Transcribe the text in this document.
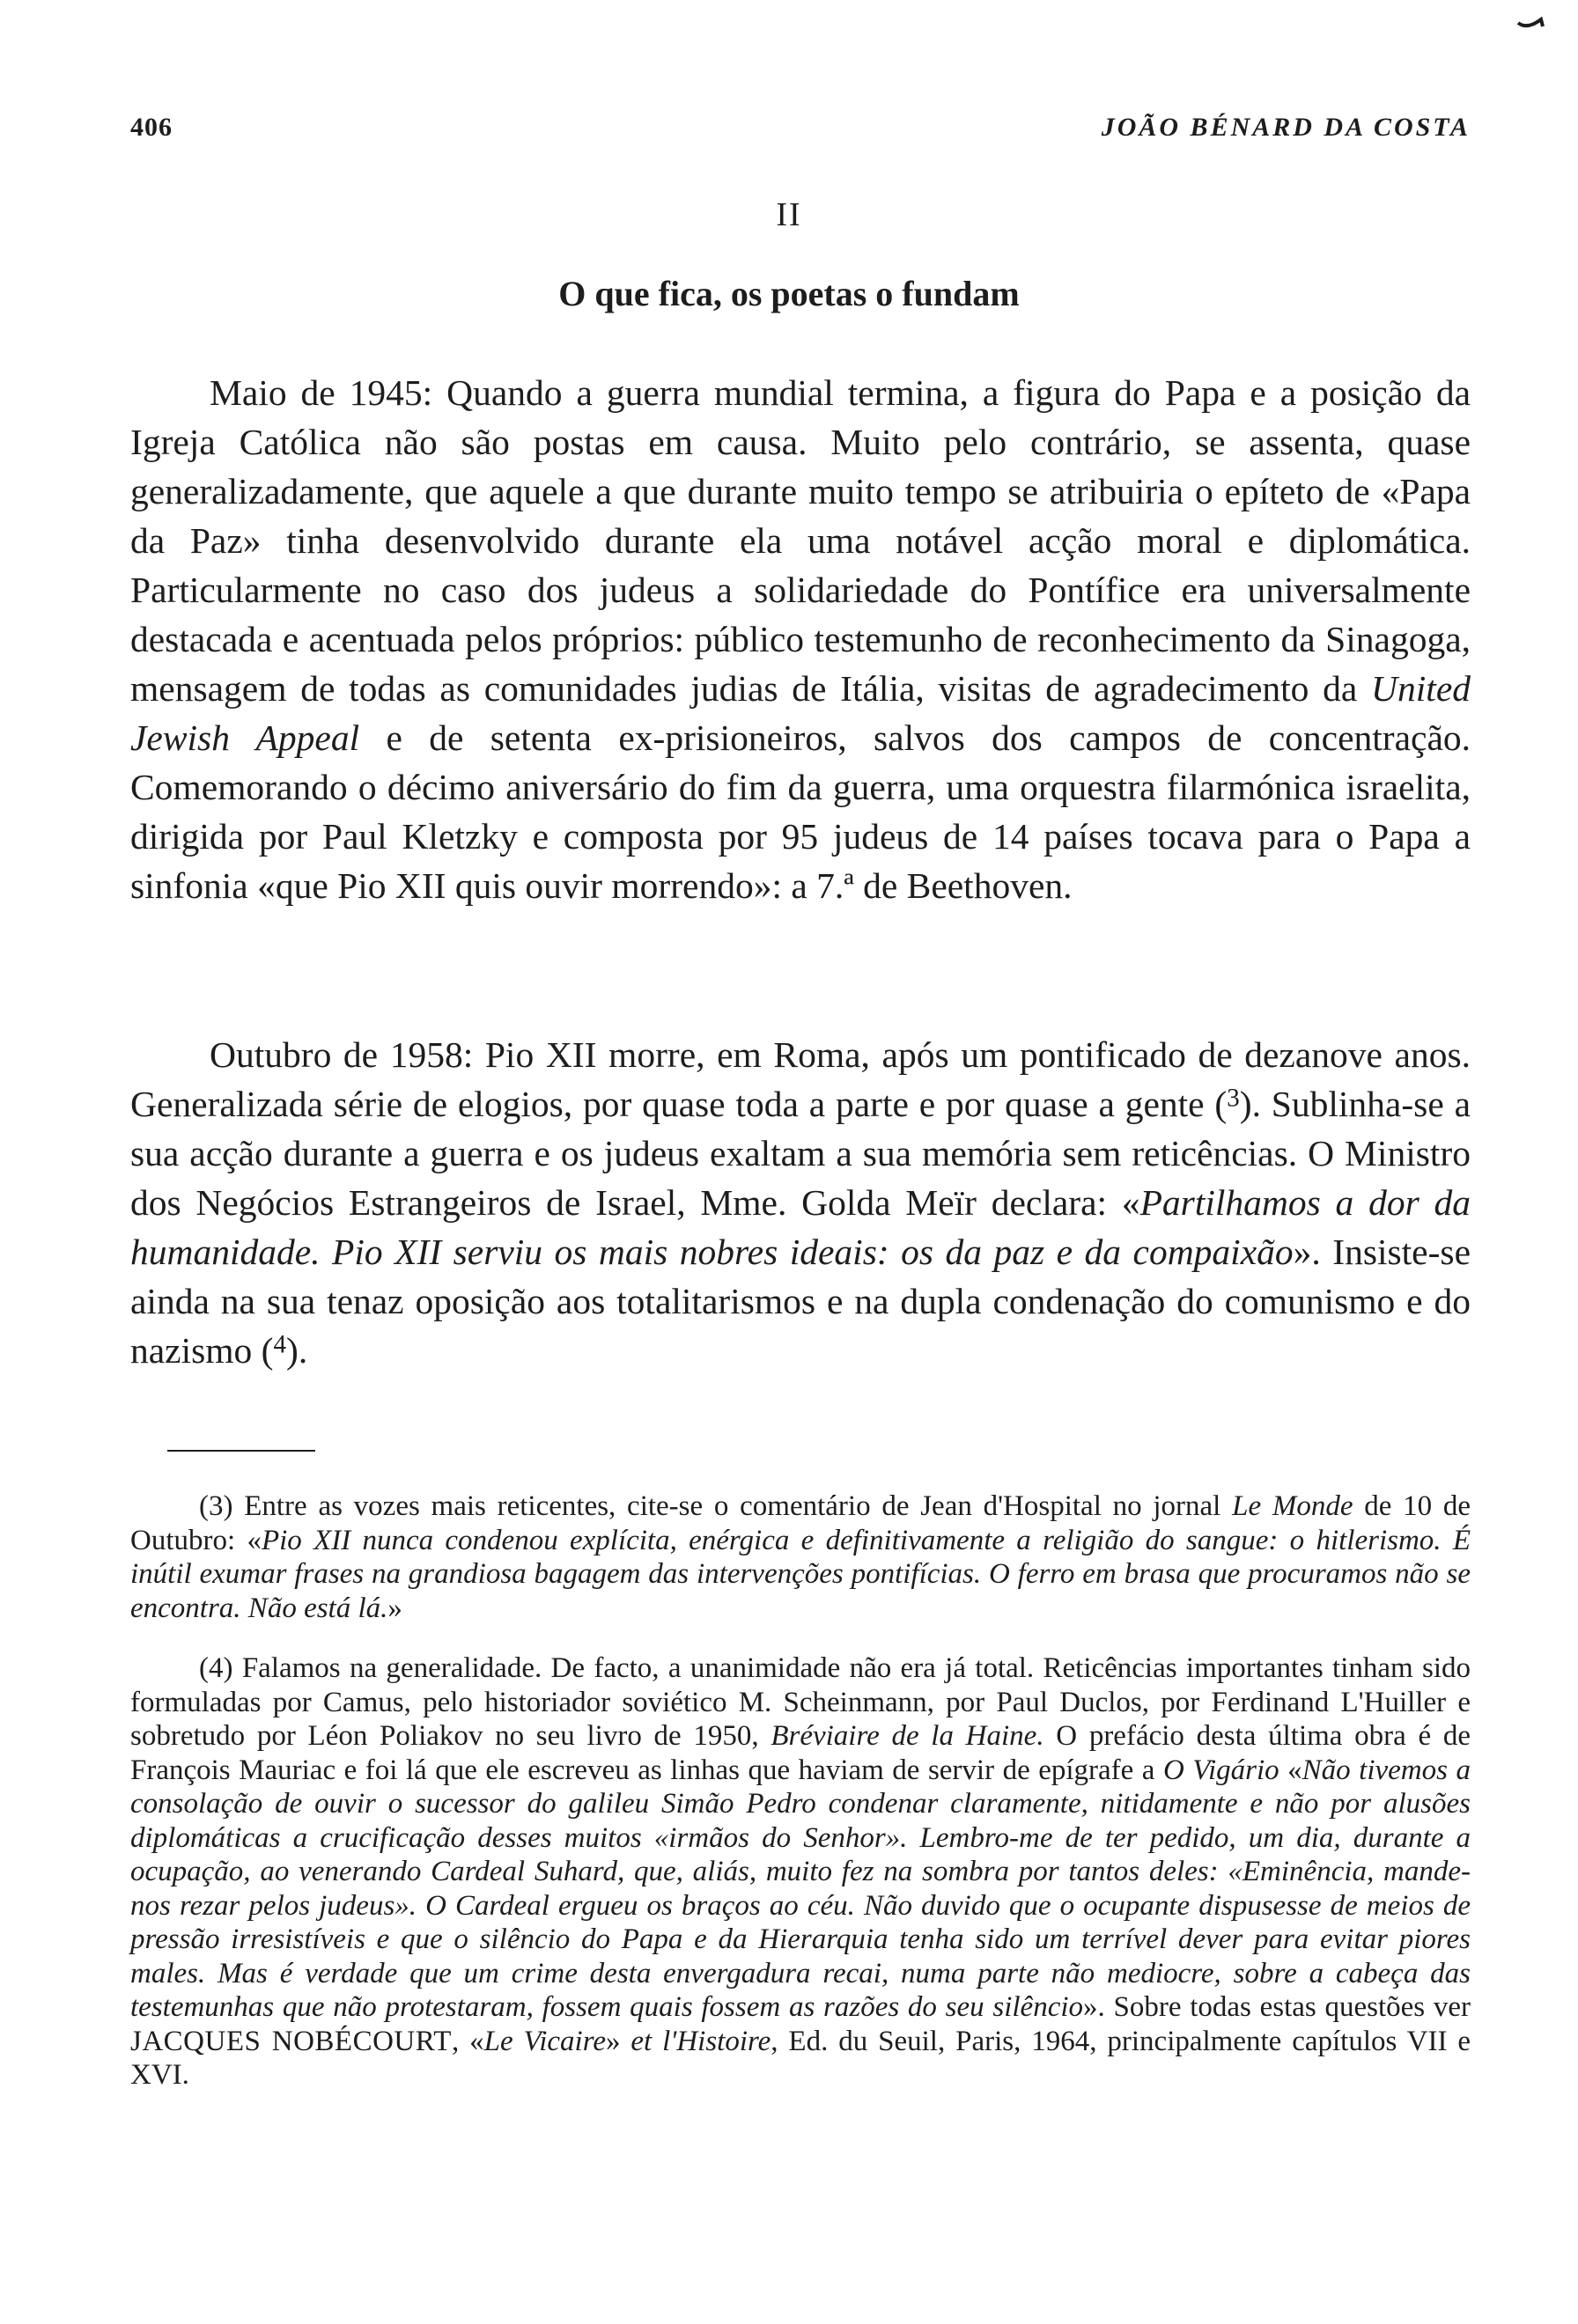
406	JOÃO BÉNARD DA COSTA
II
O que fica, os poetas o fundam

Maio de 1945: Quando a guerra mundial termina, a figura do Papa e a posição da Igreja Católica não são postas em causa. Muito pelo contrário, se assenta, quase generalizadamente, que aquele a que durante muito tempo se atribuiria o epíteto de «Papa da Paz» tinha desenvolvido durante ela uma notável acção moral e diplomática. Particularmente no caso dos judeus a solidariedade do Pontífice era universalmente destacada e acentuada pelos próprios: público testemunho de reconhecimento da Sinagoga, mensagem de todas as comunidades judias de Itália, visitas de agradecimento da United Jewish Appeal e de setenta ex-prisioneiros, salvos dos campos de concentração. Comemorando o décimo aniversário do fim da guerra, uma orquestra filarmónica israelita, dirigida por Paul Kletzky e composta por 95 judeus de 14 países tocava para o Papa a sinfonia «que Pio XII quis ouvir morrendo»: a 7.ª de Beethoven.

Outubro de 1958: Pio XII morre, em Roma, após um pontificado de dezanove anos. Generalizada série de elogios, por quase toda a parte e por quase a gente ($^3$). Sublinha-se a sua acção durante a guerra e os judeus exaltam a sua memória sem reticências. O Ministro dos Negócios Estrangeiros de Israel, Mme. Golda Meïr declara: «Partilhamos a dor da humanidade. Pio XII serviu os mais nobres ideais: os da paz e da compaixão». Insiste-se ainda na sua tenaz oposição aos totalitarismos e na dupla condenação do comunismo e do nazismo ($^4$).

(3) Entre as vozes mais reticentes, cite-se o comentário de Jean d'Hospital no jornal Le Monde de 10 de Outubro: «Pio XII nunca condenou explícita, enérgica e definitivamente a religião do sangue: o hitlerismo. É inútil exumar frases na grandiosa bagagem das intervenções pontifícias. O ferro em brasa que procuramos não se encontra. Não está lá.»

(4) Falamos na generalidade. De facto, a unanimidade não era já total. Reticências importantes tinham sido formuladas por Camus, pelo historiador soviético M. Scheinmann, por Paul Duclos, por Ferdinand L'Huiller e sobretudo por Léon Poliakov no seu livro de 1950, Bréviaire de la Haine. O prefácio desta última obra é de François Mauriac e foi lá que ele escreveu as linhas que haviam de servir de epígrafe a O Vigário «Não tivemos a consolação de ouvir o sucessor do galileu Simão Pedro condenar claramente, nitidamente e não por alusões diplomáticas a crucificação desses muitos «irmãos do Senhor». Lembro-me de ter pedido, um dia, durante a ocupação, ao venerando Cardeal Suhard, que, aliás, muito fez na sombra por tantos deles: «Eminência, mande-nos rezar pelos judeus». O Cardeal ergueu os braços ao céu. Não duvido que o ocupante dispusesse de meios de pressão irresistíveis e que o silêncio do Papa e da Hierarquia tenha sido um terrível dever para evitar piores males. Mas é verdade que um crime desta envergadura recai, numa parte não mediocre, sobre a cabeça das testemunhas que não protestaram, fossem quais fossem as razões do seu silêncio». Sobre todas estas questões ver JACQUES NOBÉCOURT, «Le Vicaire» et l'Histoire, Ed. du Seuil, Paris, 1964, principalmente capítulos VII e XVI.
